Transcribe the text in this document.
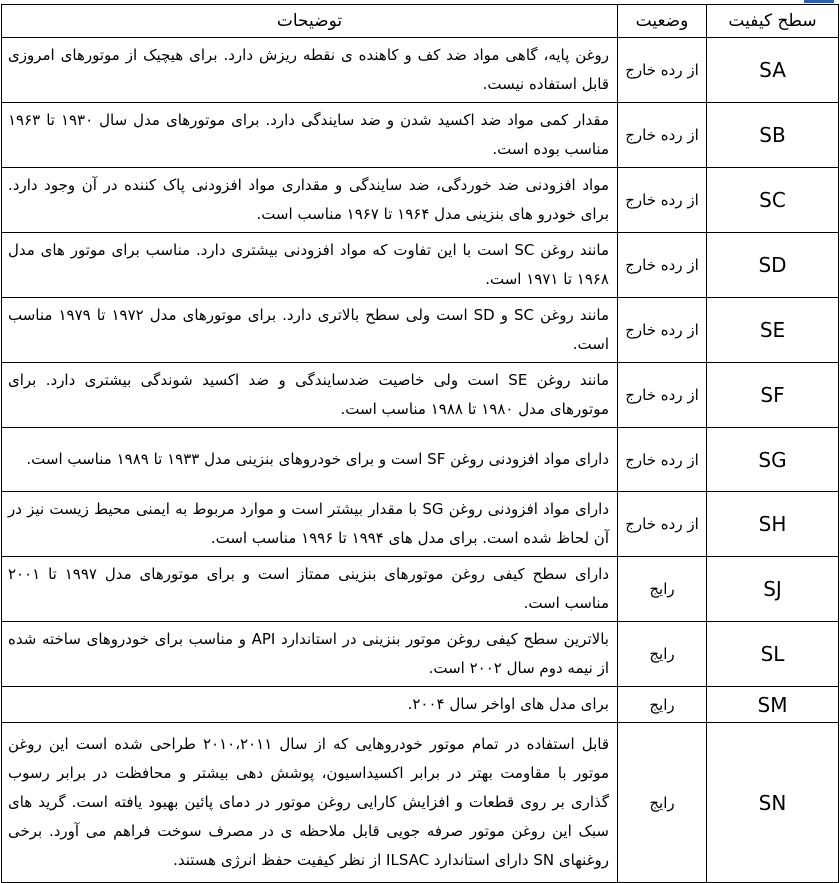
سطح کیفیت	وضعیت	توضیحات
SA	از رده خارج	روغن پایه، گاهی مواد ضد کف و کاهنده ی نقطه ریزش دارد. برای هیچیک از موتورهای امروزی قابل استفاده نیست.
SB	از رده خارج	مقدار کمی مواد ضد اکسید شدن و ضد سایندگی دارد. برای موتورهای مدل سال ۱۹۳۰ تا ۱۹۶۳ مناسب بوده است.
SC	از رده خارج	مواد افزودنی ضد خوردگی، ضد سایندگی و مقداری مواد افزودنی پاک کننده در آن وجود دارد. برای خودرو های بنزینی مدل ۱۹۶۴ تا ۱۹۶۷ مناسب است.
SD	از رده خارج	مانند روغن SC است با این تفاوت که مواد افزودنی بیشتری دارد. مناسب برای موتور های مدل ۱۹۶۸ تا ۱۹۷۱ است.
SE	از رده خارج	مانند روغن SC و SD است ولی سطح بالاتری دارد. برای موتورهای مدل ۱۹۷۲ تا ۱۹۷۹ مناسب است.
SF	از رده خارج	مانند روغن SE است ولی خاصیت ضدسایندگی و ضد اکسید شوندگی بیشتری دارد. برای موتورهای مدل ۱۹۸۰ تا ۱۹۸۸ مناسب است.
SG	از رده خارج	دارای مواد افزودنی روغن SF است و برای خودروهای بنزینی مدل ۱۹۳۳ تا ۱۹۸۹ مناسب است.
SH	از رده خارج	دارای مواد افزودنی روغن SG با مقدار بیشتر است و موارد مربوط به ایمنی محیط زیست نیز در آن لحاظ شده است. برای مدل های ۱۹۹۴ تا ۱۹۹۶ مناسب است.
SJ	رایج	دارای سطح کیفی روغن موتورهای بنزینی ممتاز است و برای موتورهای مدل ۱۹۹۷ تا ۲۰۰۱ مناسب است.
SL	رایج	بالاترین سطح کیفی روغن موتور بنزینی در استاندارد API و مناسب برای خودروهای ساخته شده از نیمه دوم سال ۲۰۰۲ است.
SM	رایج	برای مدل های اواخر سال ۲۰۰۴.
SN	رایج	قابل استفاده در تمام موتور خودروهایی که از سال ۲۰۱۰،۲۰۱۱ طراحی شده است این روغن موتور با مقاومت بهتر در برابر اکسیداسیون، پوشش دهی بیشتر و محافظت در برابر رسوب گذاری بر روی قطعات و افزایش کارایی روغن موتور در دمای پائین بهبود یافته است. گرید های سبک این روغن موتور صرفه جویی قابل ملاحظه ی در مصرف سوخت فراهم می آورد. برخی روغنهای SN دارای استاندارد ILSAC از نظر کیفیت حفظ انرژی هستند.
